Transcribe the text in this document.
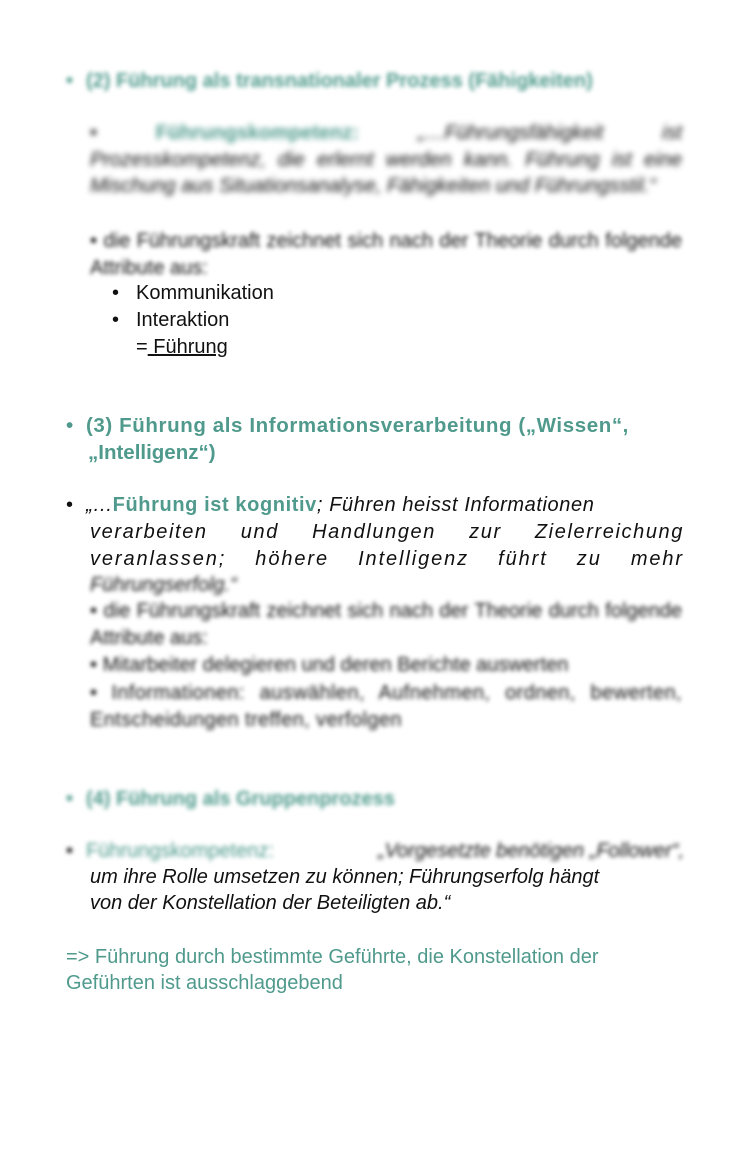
• (2) Führung als transnationaler Prozess (Fähigkeiten)
• Führungskompetenz:	„…Führungsfähigkeit ist Prozesskompetenz, die erlernt werden kann. Führung ist eine Mischung aus Situationsanalyse, Fähigkeiten und Führungsstil.“
• die Führungskraft zeichnet sich nach der Theorie durch folgende Attribute aus:
• Kommunikation
• Interaktion
= Führung
• (3) Führung als Informationsverarbeitung („Wissen“,
„Intelligenz“)
• „…Führung ist kognitiv; Führen heisst Informationen
verarbeiten und Handlungen zur Zielerreichung
veranlassen; höhere Intelligenz führt zu mehr
Führungserfolg.“
• die Führungskraft zeichnet sich nach der Theorie durch folgende Attribute aus:
• Mitarbeiter delegieren und deren Berichte auswerten
• Informationen: auswählen, Aufnehmen, ordnen, bewerten, Entscheidungen treffen, verfolgen
• (4) Führung als Gruppenprozess
• Führungskompetenz:	„Vorgesetzte benötigen „Follower“,
um ihre Rolle umsetzen zu können; Führungserfolg hängt
von der Konstellation der Beteiligten ab.“
=> Führung durch bestimmte Geführte, die Konstellation der
Geführten ist ausschlaggebend
